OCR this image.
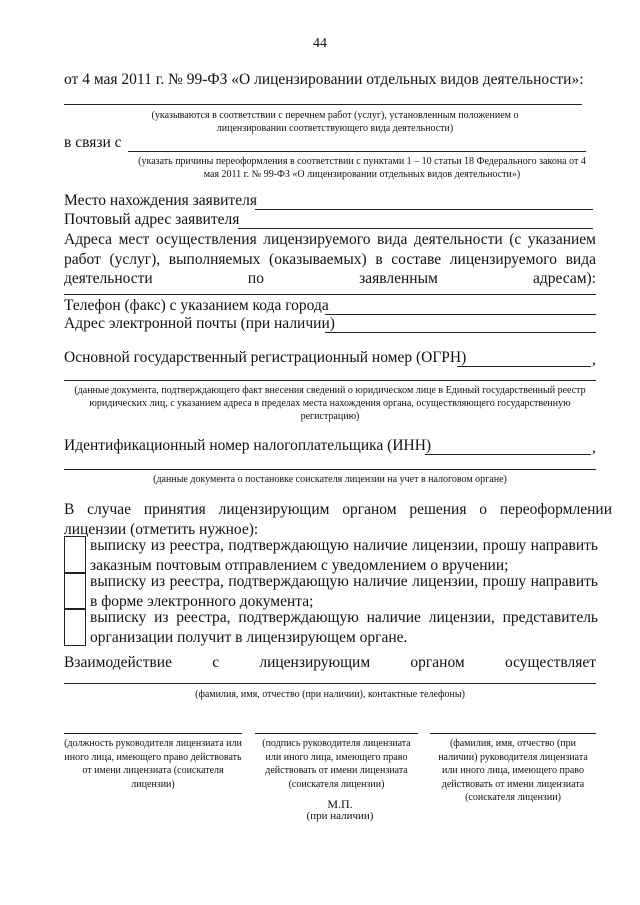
44
от 4 мая 2011 г. № 99-ФЗ «О лицензировании отдельных видов деятельности»:
(указываются в соответствии с перечнем работ (услуг), установленным положением о лицензировании соответствующего вида деятельности)
в связи с
(указать причины переоформления в соответствии с пунктами 1 – 10 статьи 18 Федерального закона от 4 мая 2011 г. № 99-ФЗ «О лицензировании отдельных видов деятельности»)
Место нахождения заявителя
Почтовый адрес заявителя
Адреса мест осуществления лицензируемого вида деятельности (с указанием работ (услуг), выполняемых (оказываемых) в составе лицензируемого вида деятельности по заявленным адресам):
Телефон (факс) с указанием кода города
Адрес электронной почты (при наличии)
Основной государственный регистрационный номер (ОГРН)	,
(данные документа, подтверждающего факт внесения сведений о юридическом лице в Единый государственный реестр юридических лиц, с указанием адреса в пределах места нахождения органа, осуществляющего государственную регистрацию)
Идентификационный номер налогоплательщика (ИНН)	,
(данные документа о постановке соискателя лицензии на учет в налоговом органе)
В случае принятия лицензирующим органом решения о переоформлении лицензии (отметить нужное):
выписку из реестра, подтверждающую наличие лицензии, прошу направить заказным почтовым отправлением с уведомлением о вручении;
выписку из реестра, подтверждающую наличие лицензии, прошу направить в форме электронного документа;
выписку из реестра, подтверждающую наличие лицензии, представитель организации получит в лицензирующем органе.
Взаимодействие	с	лицензирующим	органом	осуществляет
(фамилия, имя, отчество (при наличии), контактные телефоны)
(должность руководителя лицензиата или иного лица, имеющего право действовать от имени лицензиата (соискателя лицензии)
(подпись руководителя лицензиата или иного лица, имеющего право действовать от имени лицензиата (соискателя лицензии)
(фамилия, имя, отчество (при наличии) руководителя лицензиата или иного лица, имеющего право действовать от имени лицензиата (соискателя лицензии)
М.П.
(при наличии)
